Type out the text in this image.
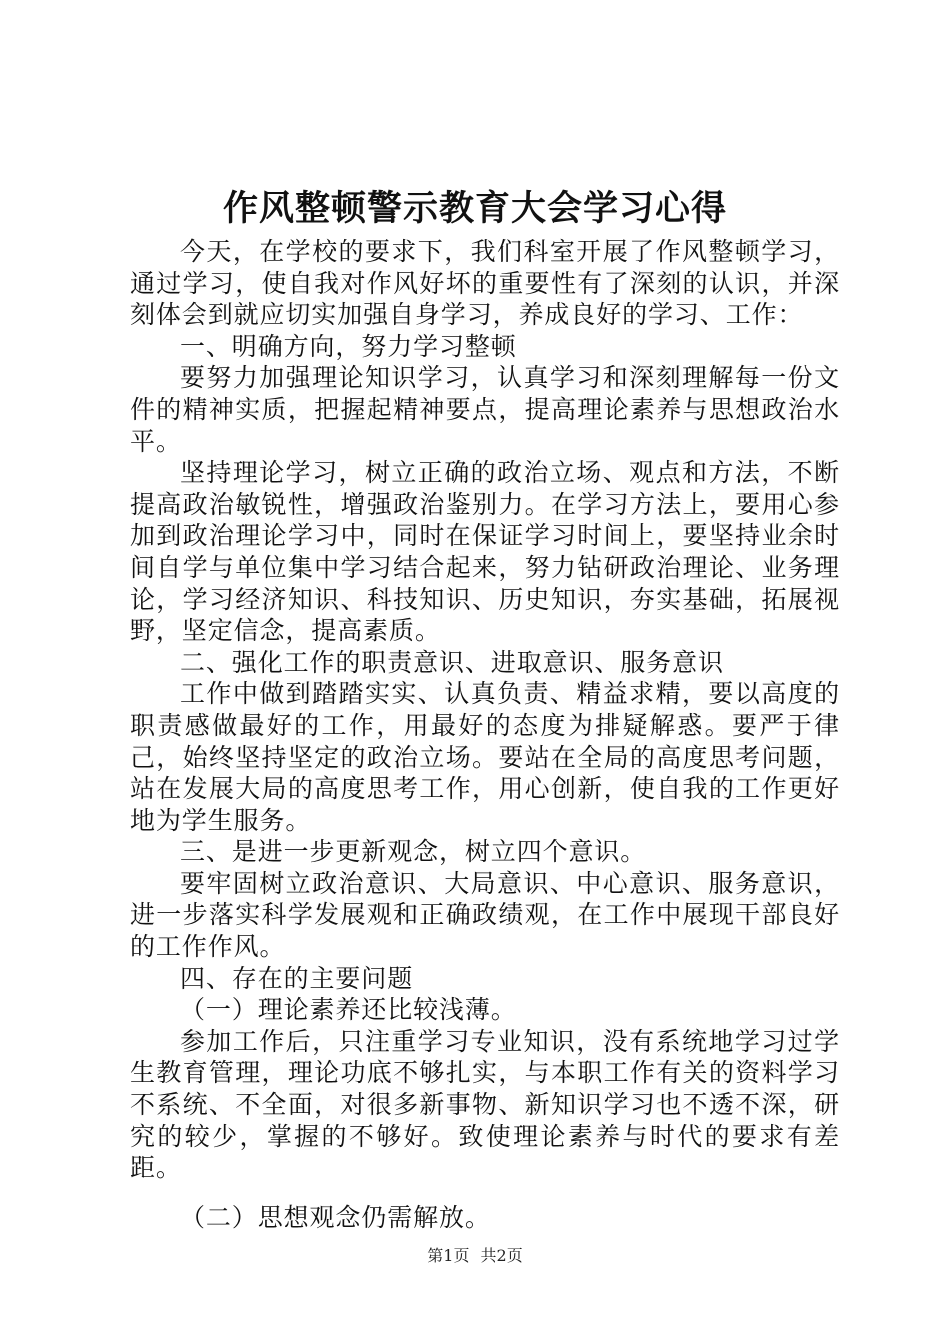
作风整顿警示教育大会学习心得

今天，在学校的要求下，我们科室开展了作风整顿学习，通过学习，使自我对作风好坏的重要性有了深刻的认识，并深刻体会到就应切实加强自身学习，养成良好的学习、工作：

一、明确方向，努力学习整顿

要努力加强理论知识学习，认真学习和深刻理解每一份文件的精神实质，把握起精神要点，提高理论素养与思想政治水平。

坚持理论学习，树立正确的政治立场、观点和方法，不断提高政治敏锐性，增强政治鉴别力。在学习方法上，要用心参加到政治理论学习中，同时在保证学习时间上，要坚持业余时间自学与单位集中学习结合起来，努力钻研政治理论、业务理论，学习经济知识、科技知识、历史知识，夯实基础，拓展视野，坚定信念，提高素质。

二、强化工作的职责意识、进取意识、服务意识

工作中做到踏踏实实、认真负责、精益求精，要以高度的职责感做最好的工作，用最好的态度为排疑解惑。要严于律己，始终坚持坚定的政治立场。要站在全局的高度思考问题，站在发展大局的高度思考工作，用心创新，使自我的工作更好地为学生服务。

三、是进一步更新观念，树立四个意识。

要牢固树立政治意识、大局意识、中心意识、服务意识，进一步落实科学发展观和正确政绩观，在工作中展现干部良好的工作作风。

四、存在的主要问题

（一）理论素养还比较浅薄。

参加工作后，只注重学习专业知识，没有系统地学习过学生教育管理，理论功底不够扎实，与本职工作有关的资料学习不系统、不全面，对很多新事物、新知识学习也不透不深，研究的较少，掌握的不够好。致使理论素养与时代的要求有差距。

（二）思想观念仍需解放。

第1页 共2页
